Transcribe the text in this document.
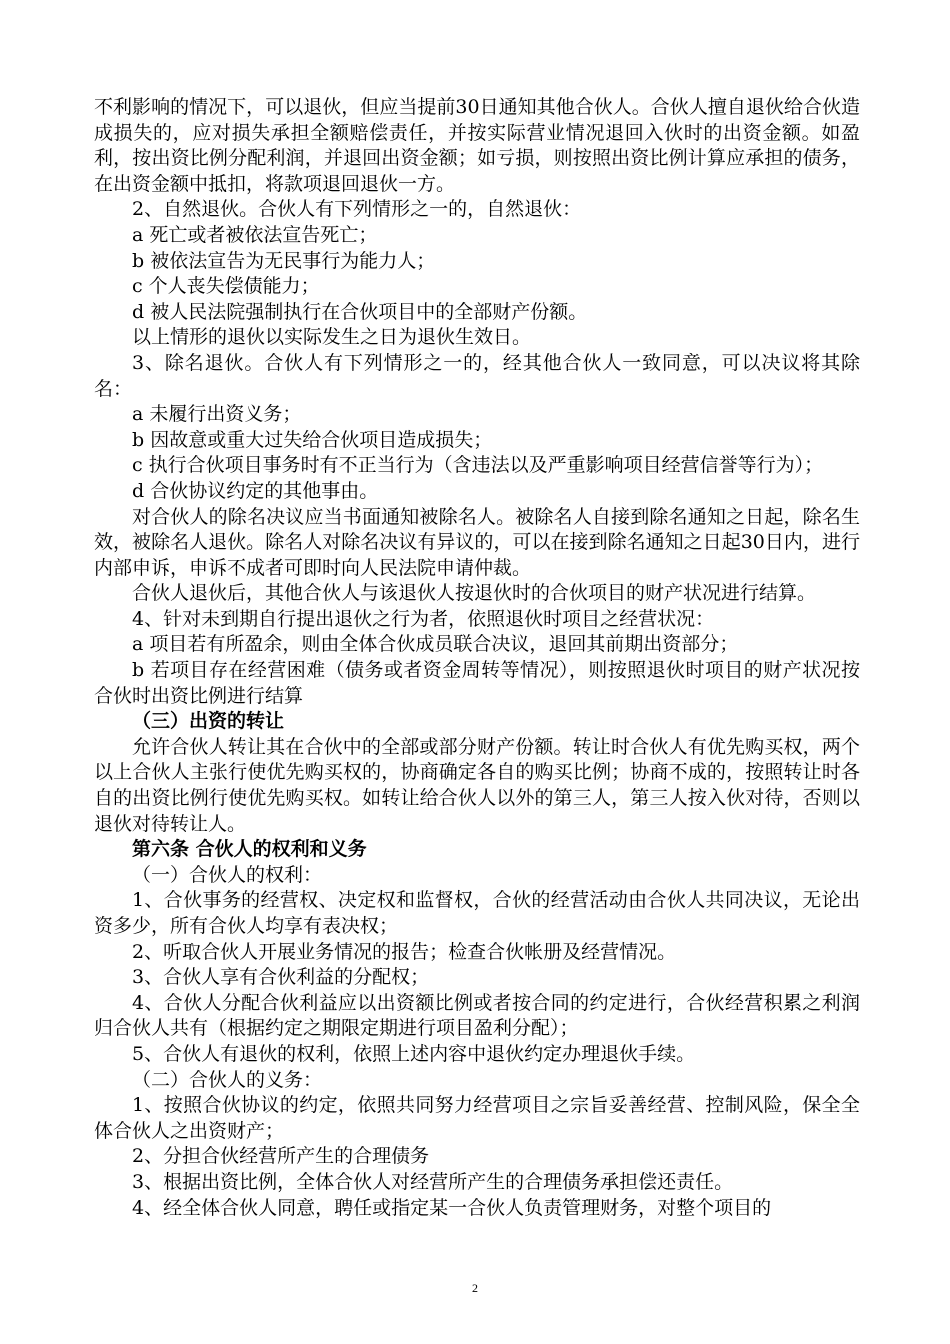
不利影响的情况下，可以退伙，但应当提前30日通知其他合伙人。合伙人擅自退伙给合伙造成损失的，应对损失承担全额赔偿责任，并按实际营业情况退回入伙时的出资金额。如盈利，按出资比例分配利润，并退回出资金额；如亏损，则按照出资比例计算应承担的债务，在出资金额中抵扣，将款项退回退伙一方。

2、自然退伙。合伙人有下列情形之一的，自然退伙：

a 死亡或者被依法宣告死亡；

b 被依法宣告为无民事行为能力人；

c 个人丧失偿债能力；

d 被人民法院强制执行在合伙项目中的全部财产份额。

以上情形的退伙以实际发生之日为退伙生效日。

3、除名退伙。合伙人有下列情形之一的，经其他合伙人一致同意，可以决议将其除名：

a 未履行出资义务；

b 因故意或重大过失给合伙项目造成损失；

c 执行合伙项目事务时有不正当行为（含违法以及严重影响项目经营信誉等行为）；

d 合伙协议约定的其他事由。

对合伙人的除名决议应当书面通知被除名人。被除名人自接到除名通知之日起，除名生效，被除名人退伙。除名人对除名决议有异议的，可以在接到除名通知之日起30日内，进行内部申诉，申诉不成者可即时向人民法院申请仲裁。

合伙人退伙后，其他合伙人与该退伙人按退伙时的合伙项目的财产状况进行结算。

4、针对未到期自行提出退伙之行为者，依照退伙时项目之经营状况：

a 项目若有所盈余，则由全体合伙成员联合决议，退回其前期出资部分；

b 若项目存在经营困难（债务或者资金周转等情况），则按照退伙时项目的财产状况按合伙时出资比例进行结算

（三）出资的转让

允许合伙人转让其在合伙中的全部或部分财产份额。转让时合伙人有优先购买权，两个以上合伙人主张行使优先购买权的，协商确定各自的购买比例；协商不成的，按照转让时各自的出资比例行使优先购买权。如转让给合伙人以外的第三人，第三人按入伙对待，否则以退伙对待转让人。

第六条 合伙人的权利和义务

（一）合伙人的权利：

1、合伙事务的经营权、决定权和监督权，合伙的经营活动由合伙人共同决议，无论出资多少，所有合伙人均享有表决权；

2、听取合伙人开展业务情况的报告；检查合伙帐册及经营情况。

3、合伙人享有合伙利益的分配权；

4、合伙人分配合伙利益应以出资额比例或者按合同的约定进行，合伙经营积累之利润归合伙人共有（根据约定之期限定期进行项目盈利分配）；

5、合伙人有退伙的权利，依照上述内容中退伙约定办理退伙手续。

（二）合伙人的义务：

1、按照合伙协议的约定，依照共同努力经营项目之宗旨妥善经营、控制风险，保全全体合伙人之出资财产；

2、分担合伙经营所产生的合理债务

3、根据出资比例，全体合伙人对经营所产生的合理债务承担偿还责任。

4、经全体合伙人同意，聘任或指定某一合伙人负责管理财务，对整个项目的

2
